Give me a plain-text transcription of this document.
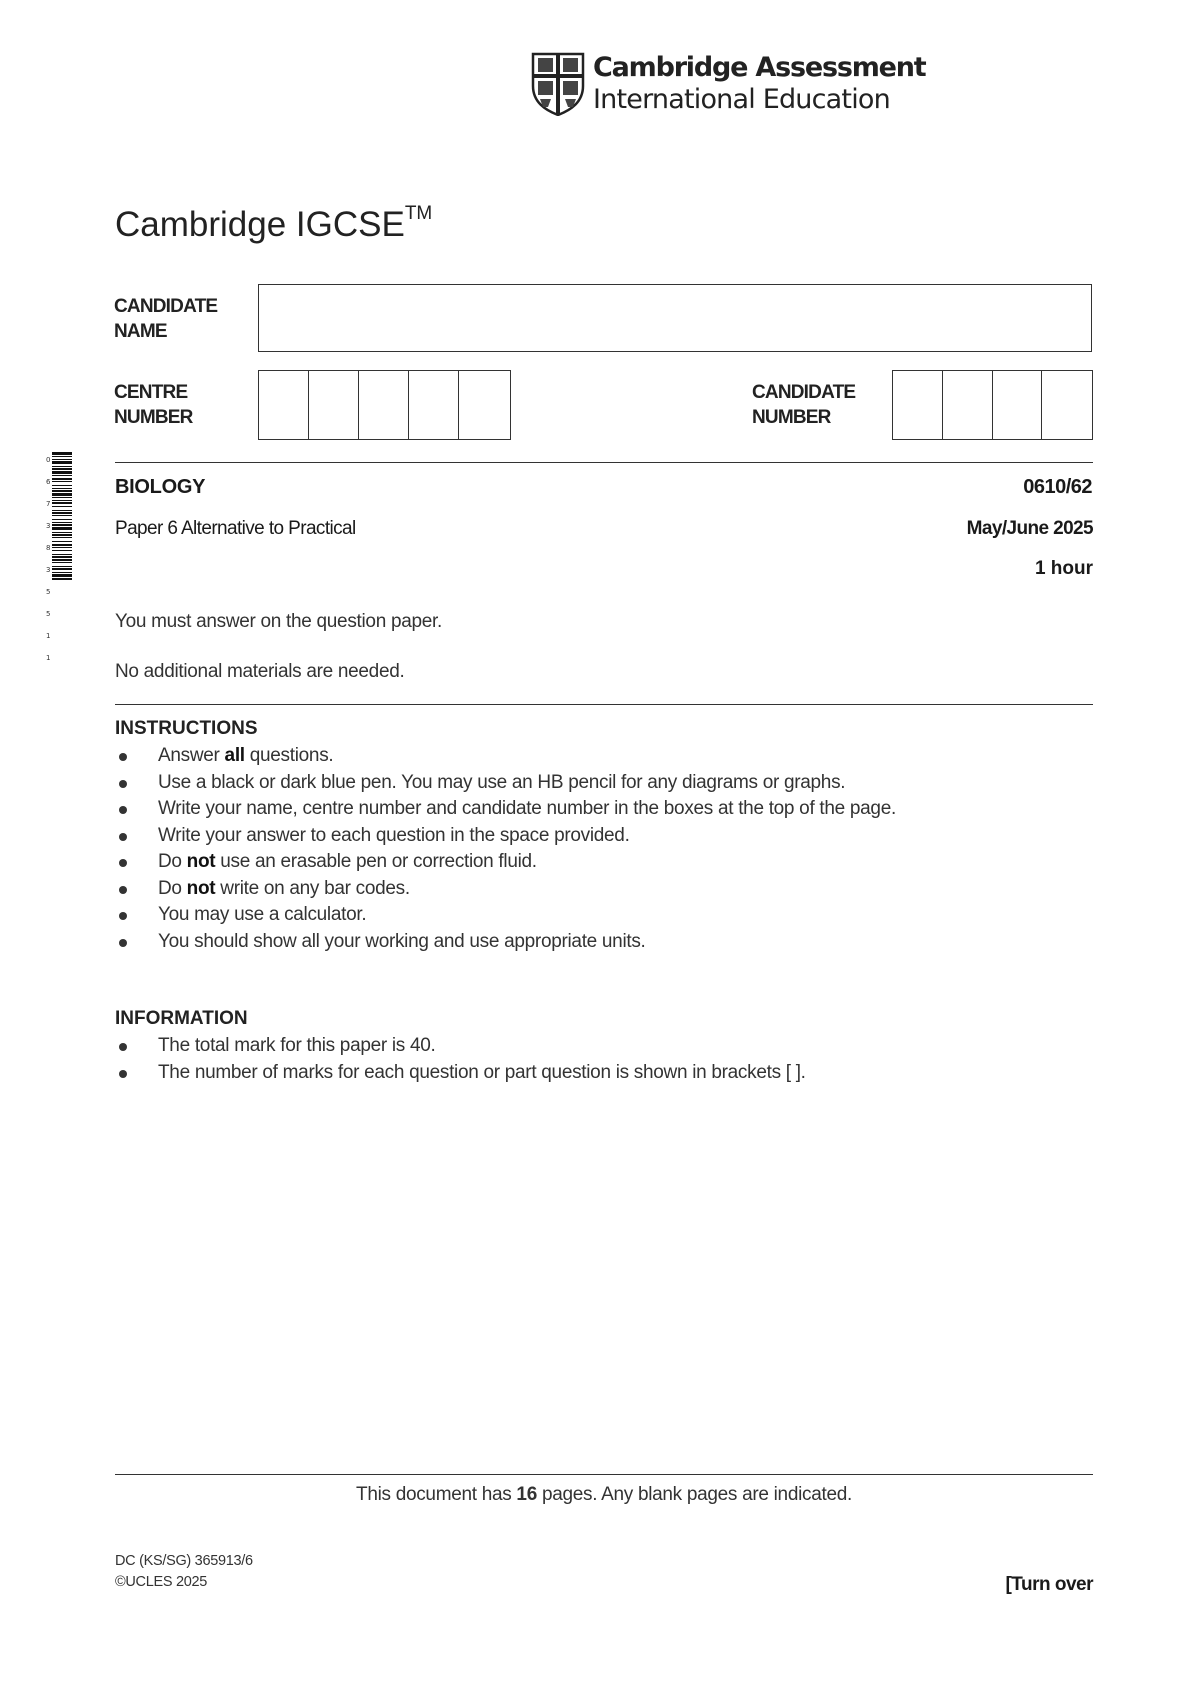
Cambridge Assessment
International Education
Cambridge IGCSE™
CANDIDATE
NAME
CENTRE
NUMBER
CANDIDATE
NUMBER
0
6
7
3
8
3
5
5
1
1
BIOLOGY	0610/62
Paper 6 Alternative to Practical	May/June 2025
1 hour
You must answer on the question paper.
No additional materials are needed.
INSTRUCTIONS
Answer all questions.
Use a black or dark blue pen. You may use an HB pencil for any diagrams or graphs.
Write your name, centre number and candidate number in the boxes at the top of the page.
Write your answer to each question in the space provided.
Do not use an erasable pen or correction fluid.
Do not write on any bar codes.
You may use a calculator.
You should show all your working and use appropriate units.
INFORMATION
The total mark for this paper is 40.
The number of marks for each question or part question is shown in brackets [ ].
This document has 16 pages. Any blank pages are indicated.
DC (KS/SG) 365913/6
©UCLES 2025	[Turn over
